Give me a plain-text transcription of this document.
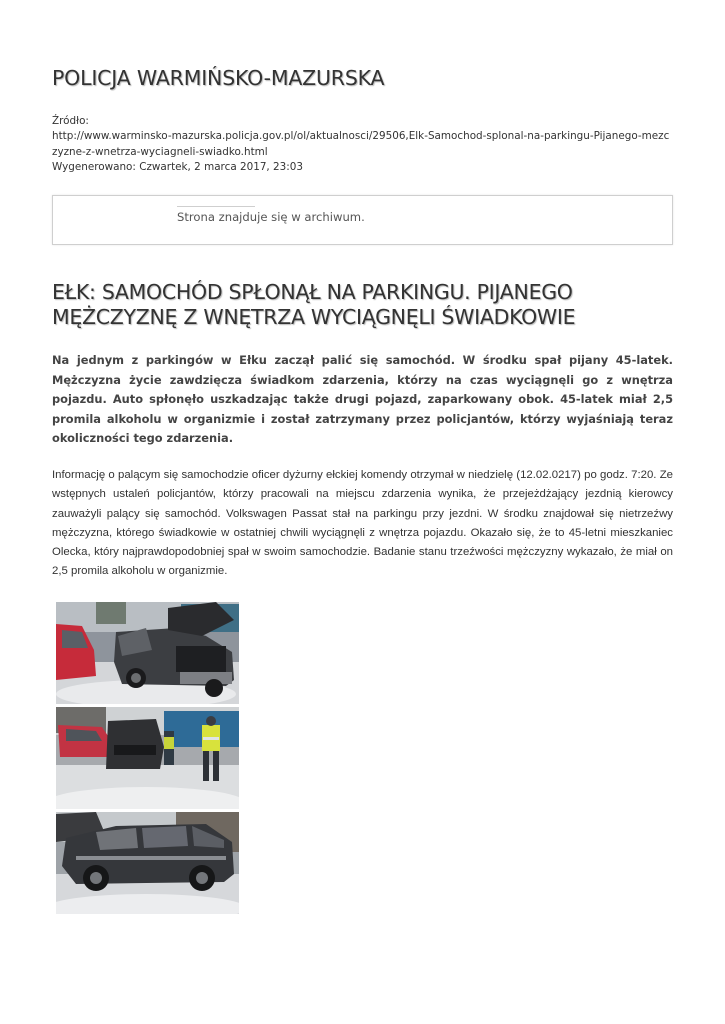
POLICJA WARMIŃSKO-MAZURSKA
Źródło:
http://www.warminsko-mazurska.policja.gov.pl/ol/aktualnosci/29506,Elk-Samochod-splonal-na-parkingu-Pijanego-mezczyzne-z-wnetrza-wyciagneli-swiadko.html
Wygenerowano: Czwartek, 2 marca 2017, 23:03
Strona znajduje się w archiwum.
EŁK: SAMOCHÓD SPŁONĄŁ NA PARKINGU. PIJANEGO MĘŻCZYZNĘ Z WNĘTRZA WYCIĄGNĘLI ŚWIADKOWIE

Na jednym z parkingów w Ełku zaczął palić się samochód. W środku spał pijany 45-latek. Mężczyzna życie zawdzięcza świadkom zdarzenia, którzy na czas wyciągnęli go z wnętrza pojazdu. Auto spłonęło uszkadzając także drugi pojazd, zaparkowany obok. 45-latek miał 2,5 promila alkoholu w organizmie i został zatrzymany przez policjantów, którzy wyjaśniają teraz okoliczności tego zdarzenia.

Informację o palącym się samochodzie oficer dyżurny ełckiej komendy otrzymał w niedzielę (12.02.0217) po godz. 7:20. Ze wstępnych ustaleń policjantów, którzy pracowali na miejscu zdarzenia wynika, że przejeżdżający jezdnią kierowcy zauważyli palący się samochód. Volkswagen Passat stał na parkingu przy jezdni. W środku znajdował się nietrzeźwy mężczyzna, którego świadkowie w ostatniej chwili wyciągnęli z wnętrza pojazdu. Okazało się, że to 45-letni mieszkaniec Olecka, który najprawdopodobniej spał w swoim samochodzie. Badanie stanu trzeźwości mężczyzny wykazało, że miał on 2,5 promila alkoholu w organizmie.
